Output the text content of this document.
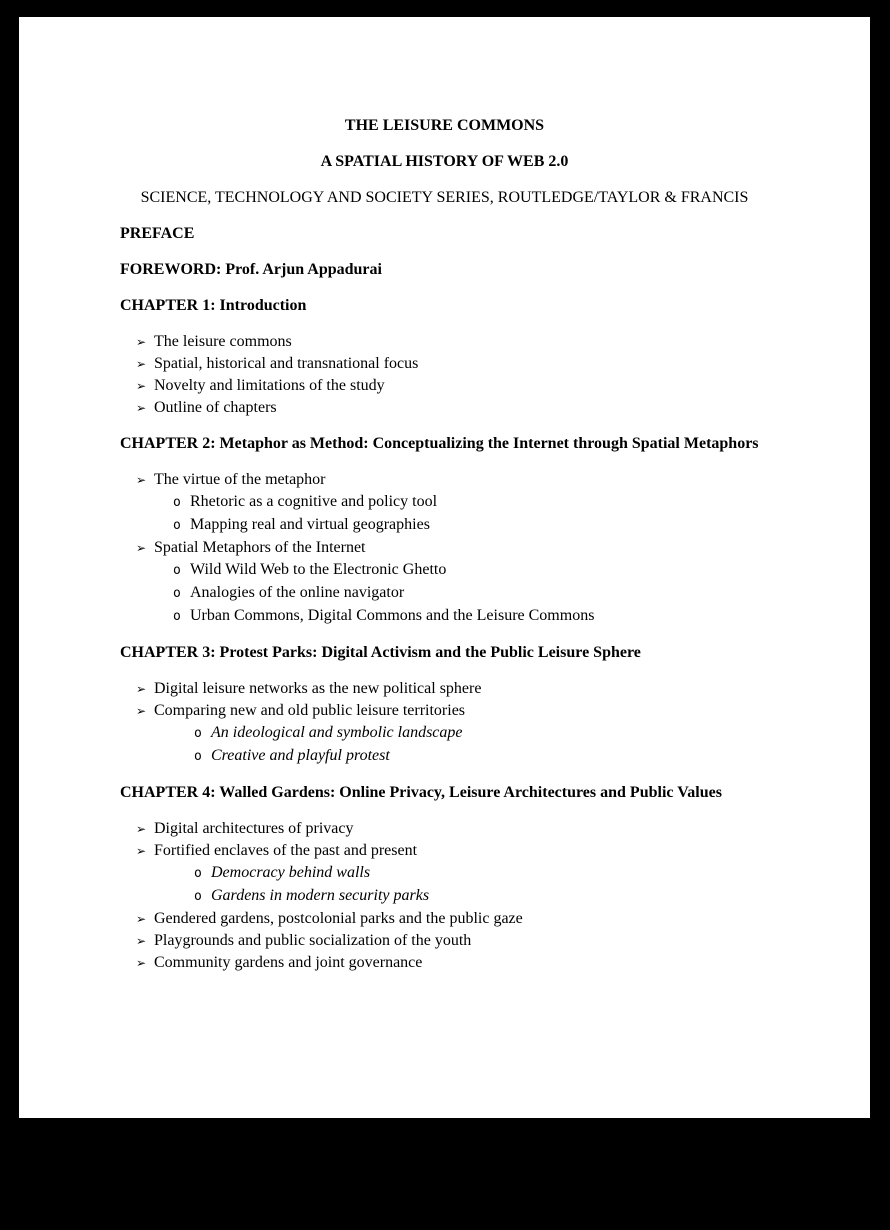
THE LEISURE COMMONS
A SPATIAL HISTORY OF WEB 2.0
SCIENCE, TECHNOLOGY AND SOCIETY SERIES, ROUTLEDGE/TAYLOR & FRANCIS
PREFACE
FOREWORD: Prof. Arjun Appadurai
CHAPTER 1: Introduction
➢ The leisure commons
➢ Spatial, historical and transnational focus
➢ Novelty and limitations of the study
➢ Outline of chapters
CHAPTER 2: Metaphor as Method: Conceptualizing the Internet through Spatial Metaphors
➢ The virtue of the metaphor
o Rhetoric as a cognitive and policy tool
o Mapping real and virtual geographies
➢ Spatial Metaphors of the Internet
o Wild Wild Web to the Electronic Ghetto
o Analogies of the online navigator
o Urban Commons, Digital Commons and the Leisure Commons
CHAPTER 3: Protest Parks: Digital Activism and the Public Leisure Sphere
➢ Digital leisure networks as the new political sphere
➢ Comparing new and old public leisure territories
o An ideological and symbolic landscape
o Creative and playful protest
CHAPTER 4: Walled Gardens: Online Privacy, Leisure Architectures and Public Values
➢ Digital architectures of privacy
➢ Fortified enclaves of the past and present
o Democracy behind walls
o Gardens in modern security parks
➢ Gendered gardens, postcolonial parks and the public gaze
➢ Playgrounds and public socialization of the youth
➢ Community gardens and joint governance
